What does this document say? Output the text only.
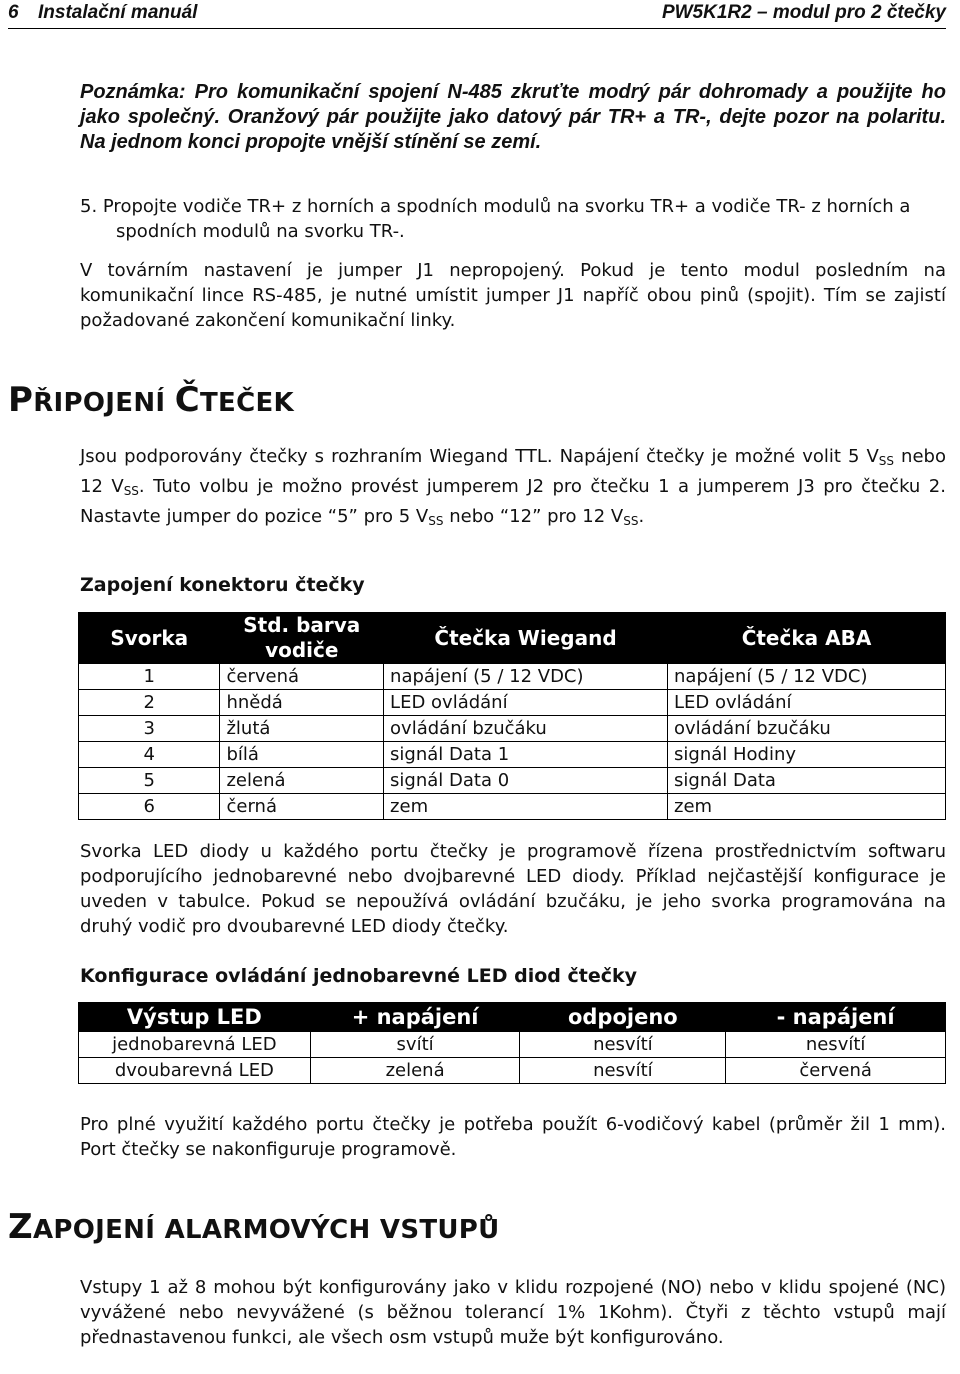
6 Instalační manuál	PW5K1R2 – modul pro 2 čtečky
Poznámka: Pro komunikační spojení N-485 zkruťte modrý pár dohromady a použijte ho jako společný. Oranžový pár použijte jako datový pár TR+ a TR-, dejte pozor na polaritu. Na jednom konci propojte vnější stínění se zemí.
5. Propojte vodiče TR+ z horních a spodních modulů na svorku TR+ a vodiče TR- z horních a spodních modulů na svorku TR-.
V továrním nastavení je jumper J1 nepropojený. Pokud je tento modul posledním na komunikační lince RS-485, je nutné umístit jumper J1 napříč obou pinů (spojit). Tím se zajistí požadované zakončení komunikační linky.
PŘIPOJENÍ ČTEČEK
Jsou podporovány čtečky s rozhraním Wiegand TTL. Napájení čtečky je možné volit 5 $V_{SS}$ nebo 12 $V_{SS}$. Tuto volbu je možno provést jumperem J2 pro čtečku 1 a jumperem J3 pro čtečku 2. Nastavte jumper do pozice “5” pro 5 $V_{SS}$ nebo “12” pro 12 $V_{SS}$.
Zapojení konektoru čtečky
Svorka	Std. barva vodiče	Čtečka Wiegand	Čtečka ABA
1	červená	napájení (5 / 12 VDC)	napájení (5 / 12 VDC)
2	hnědá	LED ovládání	LED ovládání
3	žlutá	ovládání bzučáku	ovládání bzučáku
4	bílá	signál Data 1	signál Hodiny
5	zelená	signál Data 0	signál Data
6	černá	zem	zem
Svorka LED diody u každého portu čtečky je programově řízena prostřednictvím softwaru podporujícího jednobarevné nebo dvojbarevné LED diody. Příklad nejčastější konfigurace je uveden v tabulce. Pokud se nepoužívá ovládání bzučáku, je jeho svorka programována na druhý vodič pro dvoubarevné LED diody čtečky.
Konfigurace ovládání jednobarevné LED diod čtečky
Výstup LED	+ napájení	odpojeno	- napájení
jednobarevná LED	svítí	nesvítí	nesvítí
dvoubarevná LED	zelená	nesvítí	červená
Pro plné využití každého portu čtečky je potřeba použít 6-vodičový kabel (průměr žil 1 mm). Port čtečky se nakonfiguruje programově.
ZAPOJENÍ ALARMOVÝCH VSTUPŮ
Vstupy 1 až 8 mohou být konfigurovány jako v klidu rozpojené (NO) nebo v klidu spojené (NC) vyvážené nebo nevyvážené (s běžnou tolerancí 1% 1Kohm). Čtyři z těchto vstupů mají přednastavenou funkci, ale všech osm vstupů muže být konfigurováno.
